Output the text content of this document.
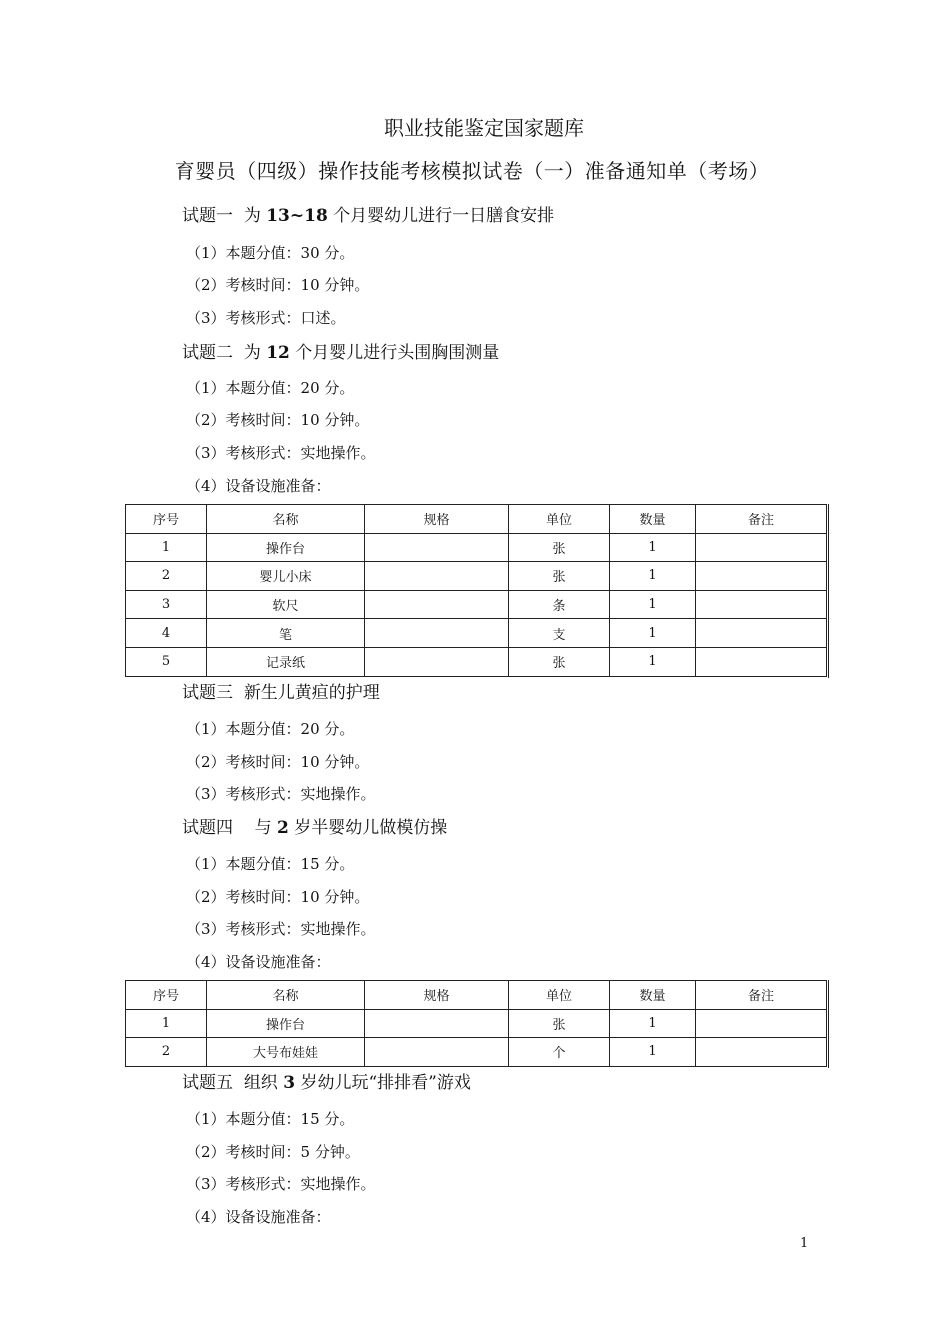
职业技能鉴定国家题库
育婴员（四级）操作技能考核模拟试卷（一）准备通知单（考场）
试题一 为 13~18 个月婴幼儿进行一日膳食安排
（1）本题分值：30 分。
（2）考核时间：10 分钟。
（3）考核形式：口述。
试题二 为 12 个月婴儿进行头围胸围测量
（1）本题分值：20 分。
（2）考核时间：10 分钟。
（3）考核形式：实地操作。
（4）设备设施准备：
序号	名称	规格	单位	数量	备注
1	操作台		张	1	
2	婴儿小床		张	1	
3	软尺		条	1	
4	笔		支	1	
5	记录纸		张	1	
试题三 新生儿黄疸的护理
（1）本题分值：20 分。
（2）考核时间：10 分钟。
（3）考核形式：实地操作。
试题四 与 2 岁半婴幼儿做模仿操
（1）本题分值：15 分。
（2）考核时间：10 分钟。
（3）考核形式：实地操作。
（4）设备设施准备：
序号	名称	规格	单位	数量	备注
1	操作台		张	1	
2	大号布娃娃		个	1	
试题五 组织 3 岁幼儿玩“排排看”游戏
（1）本题分值：15 分。
（2）考核时间：5 分钟。
（3）考核形式：实地操作。
（4）设备设施准备：
1
